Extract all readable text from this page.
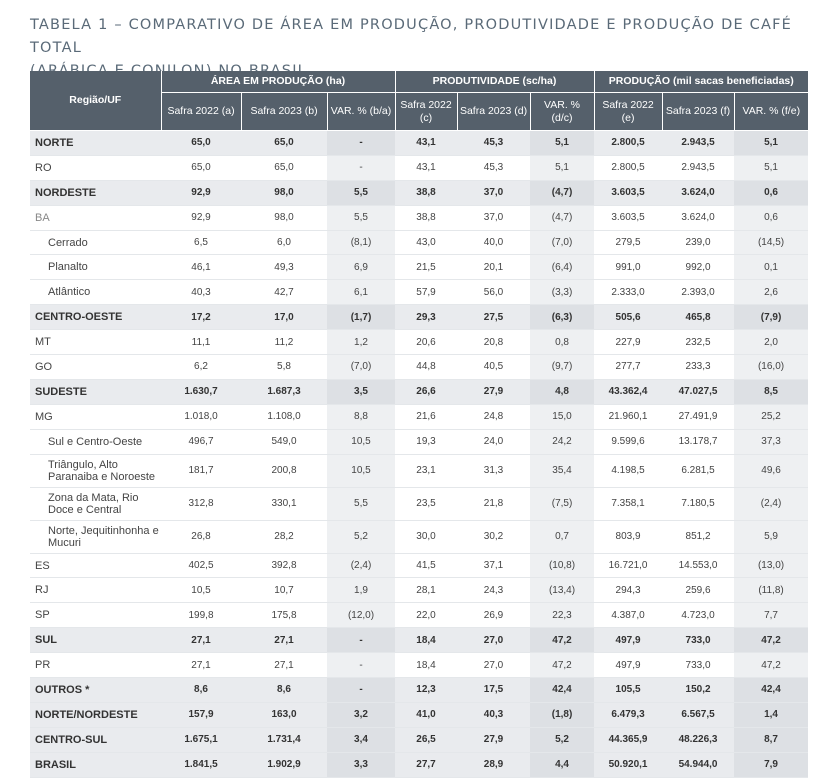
TABELA 1 – COMPARATIVO DE ÁREA EM PRODUÇÃO, PRODUTIVIDADE E PRODUÇÃO DE CAFÉ TOTAL
Região/UF	ÁREA EM PRODUÇÃO (ha)			PRODUTIVIDADE (sc/ha)			PRODUÇÃO (mil sacas beneficiadas)		
	Safra 2022 (a)	Safra 2023 (b)	VAR. % (b/a)	Safra 2022 (c)	Safra 2023 (d)	VAR. % (d/c)	Safra 2022 (e)	Safra 2023 (f)	VAR. % (f/e)
NORTE	65,0	65,0	-	43,1	45,3	5,1	2.800,5	2.943,5	5,1
RO	65,0	65,0	-	43,1	45,3	5,1	2.800,5	2.943,5	5,1
NORDESTE	92,9	98,0	5,5	38,8	37,0	(4,7)	3.603,5	3.624,0	0,6
BA	92,9	98,0	5,5	38,8	37,0	(4,7)	3.603,5	3.624,0	0,6
Cerrado	6,5	6,0	(8,1)	43,0	40,0	(7,0)	279,5	239,0	(14,5)
Planalto	46,1	49,3	6,9	21,5	20,1	(6,4)	991,0	992,0	0,1
Atlântico	40,3	42,7	6,1	57,9	56,0	(3,3)	2.333,0	2.393,0	2,6
CENTRO-OESTE	17,2	17,0	(1,7)	29,3	27,5	(6,3)	505,6	465,8	(7,9)
MT	11,1	11,2	1,2	20,6	20,8	0,8	227,9	232,5	2,0
GO	6,2	5,8	(7,0)	44,8	40,5	(9,7)	277,7	233,3	(16,0)
SUDESTE	1.630,7	1.687,3	3,5	26,6	27,9	4,8	43.362,4	47.027,5	8,5
MG	1.018,0	1.108,0	8,8	21,6	24,8	15,0	21.960,1	27.491,9	25,2
Sul e Centro-Oeste	496,7	549,0	10,5	19,3	24,0	24,2	9.599,6	13.178,7	37,3
Triângulo, Alto Paranaiba e Noroeste	181,7	200,8	10,5	23,1	31,3	35,4	4.198,5	6.281,5	49,6
Zona da Mata, Rio Doce e Central	312,8	330,1	5,5	23,5	21,8	(7,5)	7.358,1	7.180,5	(2,4)
Norte, Jequitinhonha e Mucuri	26,8	28,2	5,2	30,0	30,2	0,7	803,9	851,2	5,9
ES	402,5	392,8	(2,4)	41,5	37,1	(10,8)	16.721,0	14.553,0	(13,0)
RJ	10,5	10,7	1,9	28,1	24,3	(13,4)	294,3	259,6	(11,8)
SP	199,8	175,8	(12,0)	22,0	26,9	22,3	4.387,0	4.723,0	7,7
SUL	27,1	27,1	-	18,4	27,0	47,2	497,9	733,0	47,2
PR	27,1	27,1	-	18,4	27,0	47,2	497,9	733,0	47,2
OUTROS *	8,6	8,6	-	12,3	17,5	42,4	105,5	150,2	42,4
NORTE/NORDESTE	157,9	163,0	3,2	41,0	40,3	(1,8)	6.479,3	6.567,5	1,4
CENTRO-SUL	1.675,1	1.731,4	3,4	26,5	27,9	5,2	44.365,9	48.226,3	8,7
BRASIL	1.841,5	1.902,9	3,3	27,7	28,9	4,4	50.920,1	54.944,0	7,9
